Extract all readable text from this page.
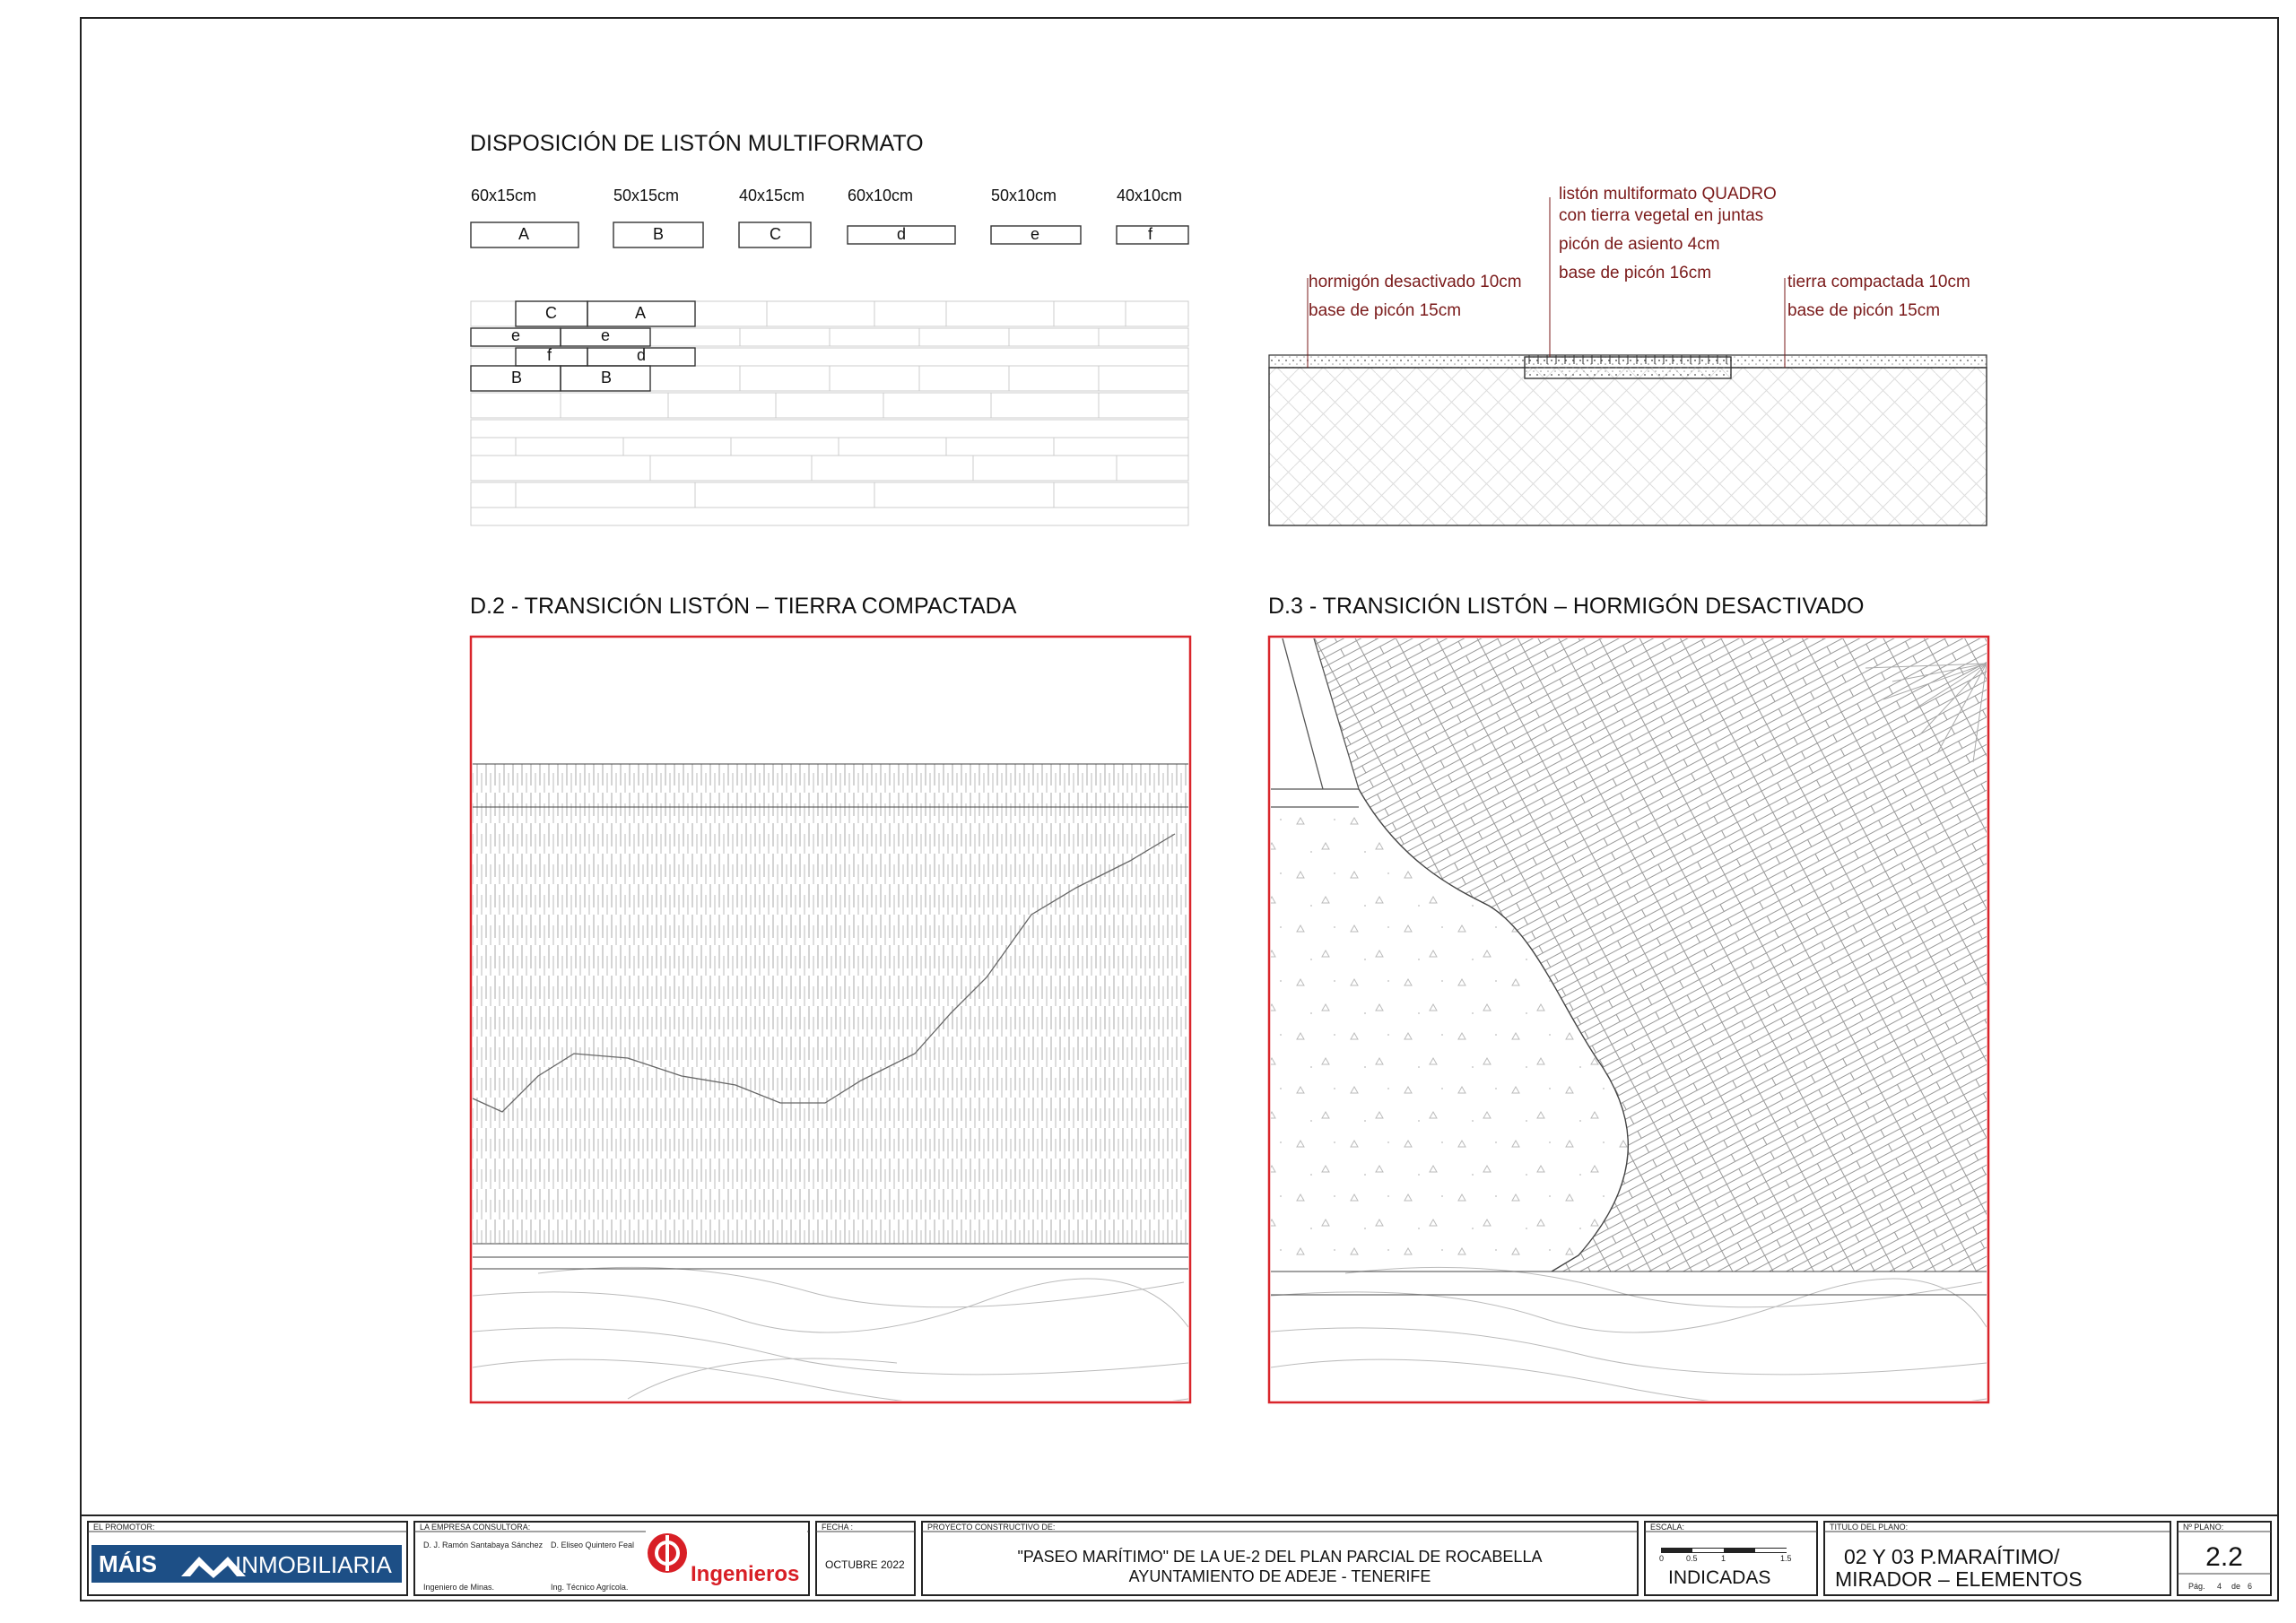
DISPOSICIÓN DE LISTÓN MULTIFORMATO
60x15cm	50x15cm	40x15cm	60x10cm	50x10cm	40x10cm
A	B	C	d	e	f
C	A
e	e
f	d
B	B
listón multiformato QUADRO
con tierra vegetal en juntas
picón de asiento 4cm
base de picón 16cm
hormigón desactivado 10cm
base de picón 15cm
tierra compactada 10cm
base de picón 15cm
D.2 - TRANSICIÓN LISTÓN – TIERRA COMPACTADA	D.3 - TRANSICIÓN LISTÓN – HORMIGÓN DESACTIVADO
EL PROMOTOR:
MÁIS	INMOBILIARIA
LA EMPRESA CONSULTORA:
D. J. Ramón Santabaya Sánchez D. Eliseo Quintero Feal
Ingeniero de Minas.	Ing. Técnico Agrícola.
Ingenieros
FECHA :
OCTUBRE 2022
PROYECTO CONSTRUCTIVO DE:
"PASEO MARÍTIMO" DE LA UE-2 DEL PLAN PARCIAL DE ROCABELLA
AYUNTAMIENTO DE ADEJE - TENERIFE
ESCALA:
0	0.5	1	1.5
INDICADAS
TITULO DEL PLANO:
02 Y 03 P.MARAÍTIMO/
MIRADOR – ELEMENTOS
Nº PLANO:
2.2
Pág. 4 de 6
